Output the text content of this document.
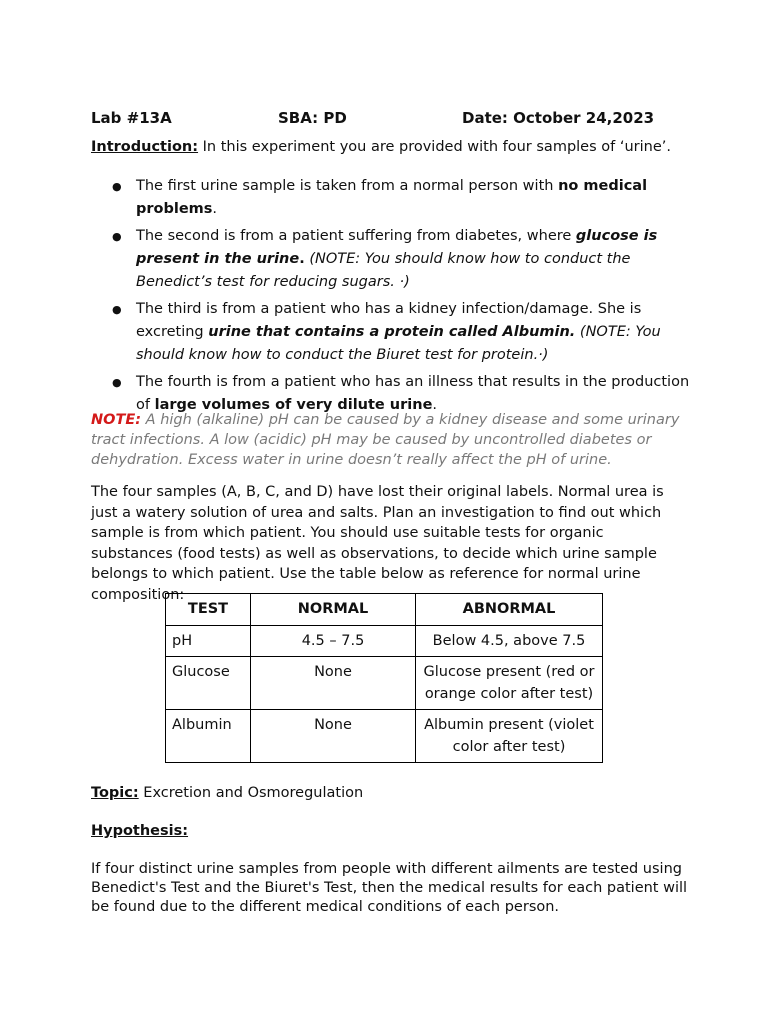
Lab #13A	SBA: PD	Date: October 24,2023
Introduction: In this experiment you are provided with four samples of ‘urine’.
● The first urine sample is taken from a normal person with no medical problems.
● The second is from a patient suffering from diabetes, where glucose is present in the urine. (NOTE: You should know how to conduct the Benedict’s test for reducing sugars. ·)
● The third is from a patient who has a kidney infection/damage. She is excreting urine that contains a protein called Albumin. (NOTE: You should know how to conduct the Biuret test for protein.·)
● The fourth is from a patient who has an illness that results in the production of large volumes of very dilute urine.
NOTE: A high (alkaline) pH can be caused by a kidney disease and some urinary tract infections. A low (acidic) pH may be caused by uncontrolled diabetes or dehydration. Excess water in urine doesn’t really affect the pH of urine.
The four samples (A, B, C, and D) have lost their original labels. Normal urea is just a watery solution of urea and salts. Plan an investigation to find out which sample is from which patient. You should use suitable tests for organic substances (food tests) as well as observations, to decide which urine sample belongs to which patient. Use the table below as reference for normal urine composition:
TEST	NORMAL	ABNORMAL
pH	4.5 – 7.5	Below 4.5, above 7.5
Glucose	None	Glucose present (red or orange color after test)
Albumin	None	Albumin present (violet color after test)
Topic: Excretion and Osmoregulation
Hypothesis:
If four distinct urine samples from people with different ailments are tested using Benedict's Test and the Biuret's Test, then the medical results for each patient will be found due to the different medical conditions of each person.
